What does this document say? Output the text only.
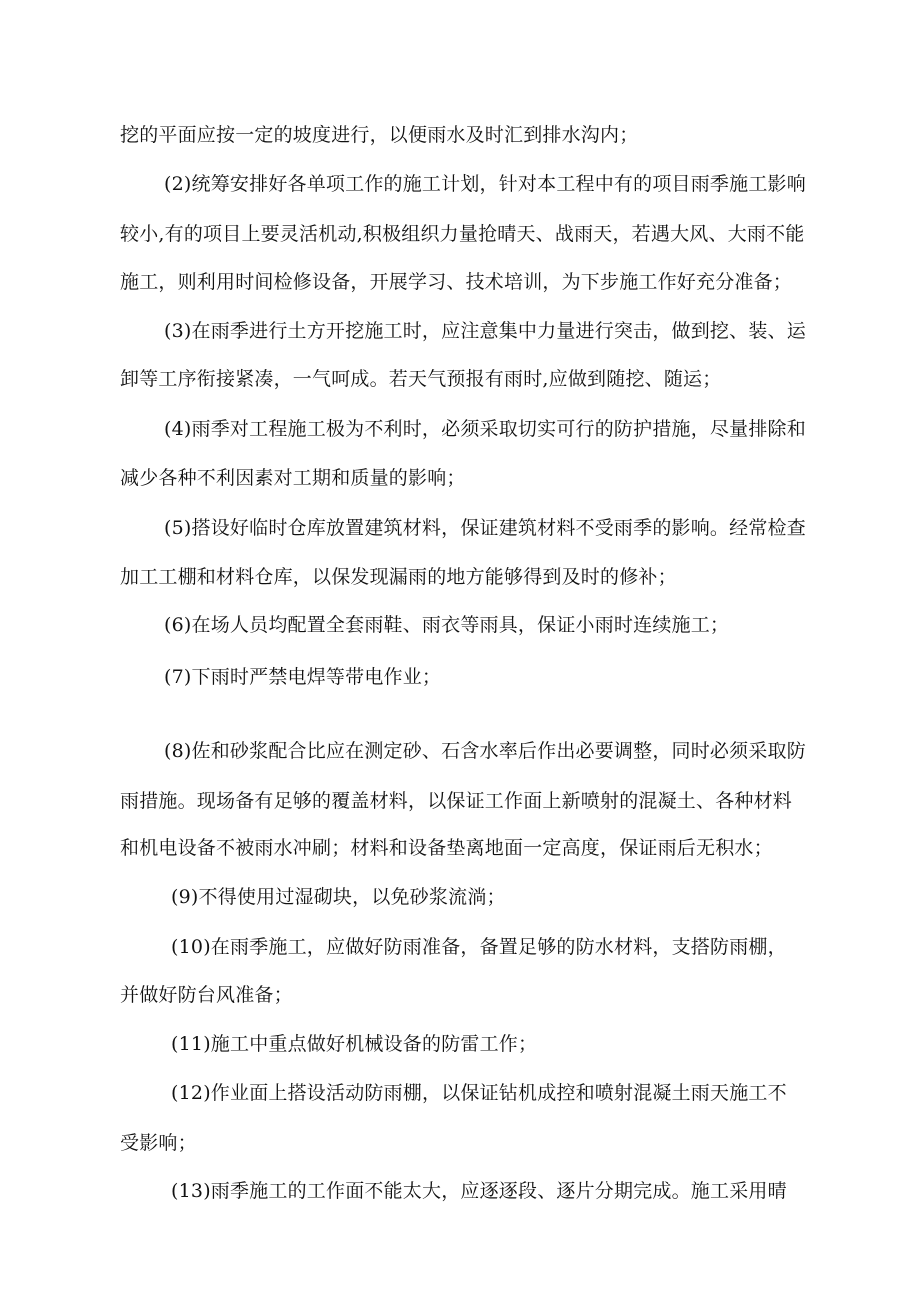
挖的平面应按一定的坡度进行，以便雨水及时汇到排水沟内；
(2)统筹安排好各单项工作的施工计划，针对本工程中有的项目雨季施工影响
较小,有的项目上要灵活机动,积极组织力量抢晴天、战雨天，若遇大风、大雨不能
施工，则利用时间检修设备，开展学习、技术培训，为下步施工作好充分准备；
(3)在雨季进行土方开挖施工时，应注意集中力量进行突击，做到挖、装、运
卸等工序衔接紧凑，一气呵成。若天气预报有雨时,应做到随挖、随运；
(4)雨季对工程施工极为不利时，必须采取切实可行的防护措施，尽量排除和
减少各种不利因素对工期和质量的影响；
(5)搭设好临时仓库放置建筑材料，保证建筑材料不受雨季的影响。经常检查
加工工棚和材料仓库，以保发现漏雨的地方能够得到及时的修补；
(6)在场人员均配置全套雨鞋、雨衣等雨具，保证小雨时连续施工；
(7)下雨时严禁电焊等带电作业；
(8)佐和砂浆配合比应在测定砂、石含水率后作出必要调整，同时必须采取防
雨措施。现场备有足够的覆盖材料，以保证工作面上新喷射的混凝土、各种材料
和机电设备不被雨水冲刷；材料和设备垫离地面一定高度，保证雨后无积水；
(9)不得使用过湿砌块，以免砂浆流淌；
(10)在雨季施工，应做好防雨准备，备置足够的防水材料，支搭防雨棚，
并做好防台风准备；
(11)施工中重点做好机械设备的防雷工作；
(12)作业面上搭设活动防雨棚，以保证钻机成控和喷射混凝土雨天施工不
受影响；
(13)雨季施工的工作面不能太大，应逐逐段、逐片分期完成。施工采用晴
